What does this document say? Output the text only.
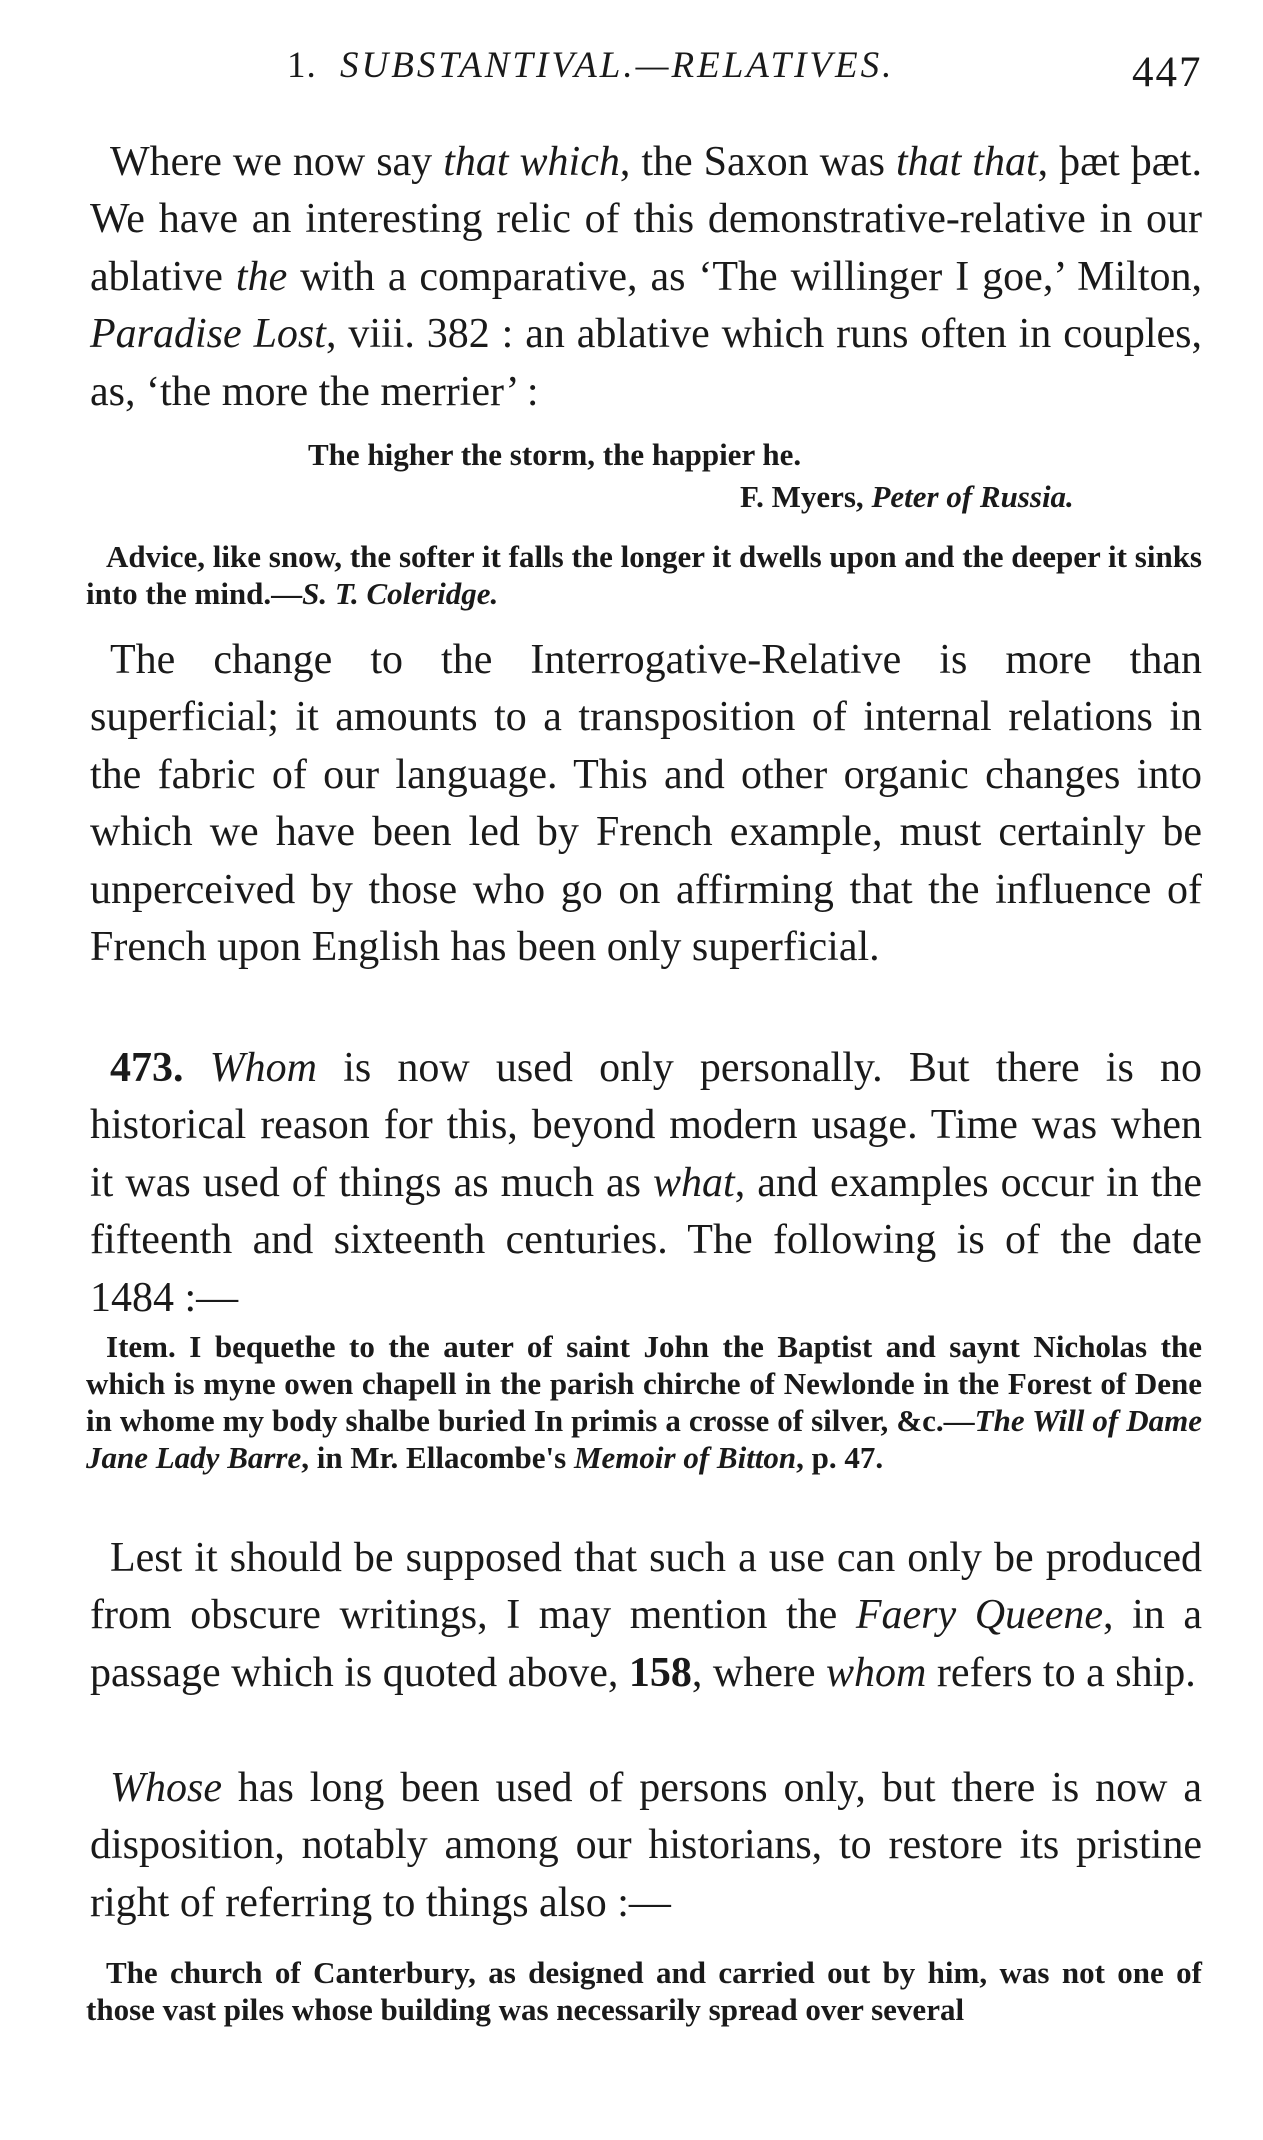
1. SUBSTANTIVAL.—RELATIVES.	447

Where we now say that which, the Saxon was that that, þæt þæt. We have an interesting relic of this demonstrative-relative in our ablative the with a comparative, as ‘The willinger I goe,’ Milton, Paradise Lost, viii. 382 : an ablative which runs often in couples, as, ‘the more the merrier’ :

The higher the storm, the happier he.

F. Myers, Peter of Russia.

Advice, like snow, the softer it falls the longer it dwells upon and the deeper it sinks into the mind.—S. T. Coleridge.

The change to the Interrogative-Relative is more than superficial; it amounts to a transposition of internal relations in the fabric of our language. This and other organic changes into which we have been led by French example, must certainly be unperceived by those who go on affirming that the influence of French upon English has been only superficial.

473. Whom is now used only personally. But there is no historical reason for this, beyond modern usage. Time was when it was used of things as much as what, and examples occur in the fifteenth and sixteenth centuries. The following is of the date 1484 :—

Item. I bequethe to the auter of saint John the Baptist and saynt Nicholas the which is myne owen chapell in the parish chirche of Newlonde in the Forest of Dene in whome my body shalbe buried In primis a crosse of silver, &c.—The Will of Dame Jane Lady Barre, in Mr. Ellacombe's Memoir of Bitton, p. 47.

Lest it should be supposed that such a use can only be produced from obscure writings, I may mention the Faery Queene, in a passage which is quoted above, 158, where whom refers to a ship.

Whose has long been used of persons only, but there is now a disposition, notably among our historians, to restore its pristine right of referring to things also :—

The church of Canterbury, as designed and carried out by him, was not one of those vast piles whose building was necessarily spread over several
